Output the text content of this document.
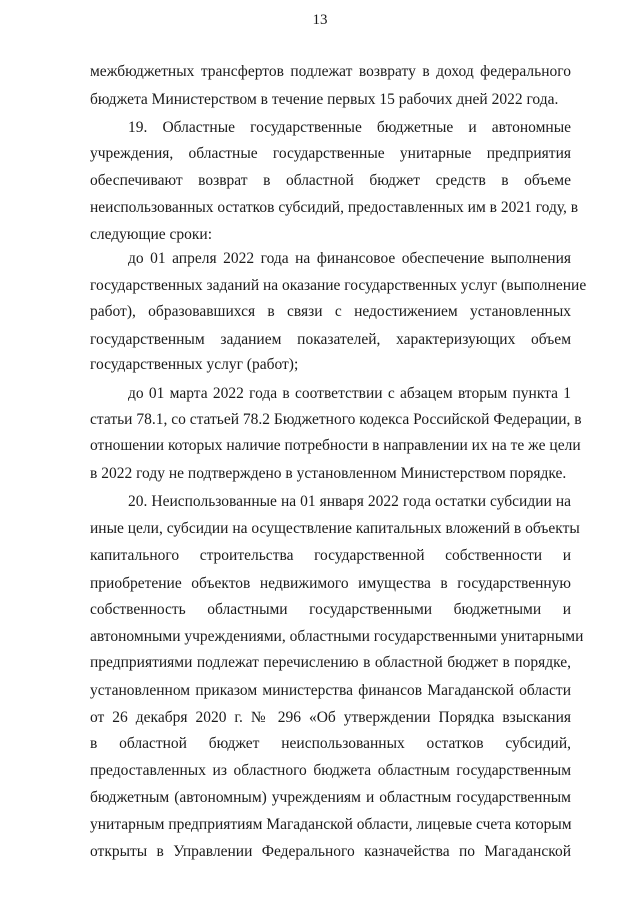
13
межбюджетных трансфертов подлежат возврату в доход федерального
бюджета Министерством в течение первых 15 рабочих дней 2022 года.
19. Областные государственные бюджетные и автономные
учреждения, областные государственные унитарные предприятия
обеспечивают возврат в областной бюджет средств в объеме
неиспользованных остатков субсидий, предоставленных им в 2021 году, в
следующие сроки:
до 01 апреля 2022 года на финансовое обеспечение выполнения
государственных заданий на оказание государственных услуг (выполнение
работ), образовавшихся в связи с недостижением установленных
государственным заданием показателей, характеризующих объем
государственных услуг (работ);
до 01 марта 2022 года в соответствии с абзацем вторым пункта 1
статьи 78.1, со статьей 78.2 Бюджетного кодекса Российской Федерации, в
отношении которых наличие потребности в направлении их на те же цели
в 2022 году не подтверждено в установленном Министерством порядке.
20. Неиспользованные на 01 января 2022 года остатки субсидии на
иные цели, субсидии на осуществление капитальных вложений в объекты
капитального строительства государственной собственности и
приобретение объектов недвижимого имущества в государственную
собственность областными государственными бюджетными и
автономными учреждениями, областными государственными унитарными
предприятиями подлежат перечислению в областной бюджет в порядке,
установленном приказом министерства финансов Магаданской области
от 26 декабря 2020 г. № 296 «Об утверждении Порядка взыскания
в областной бюджет неиспользованных остатков субсидий,
предоставленных из областного бюджета областным государственным
бюджетным (автономным) учреждениям и областным государственным
унитарным предприятиям Магаданской области, лицевые счета которым
открыты в Управлении Федерального казначейства по Магаданской
